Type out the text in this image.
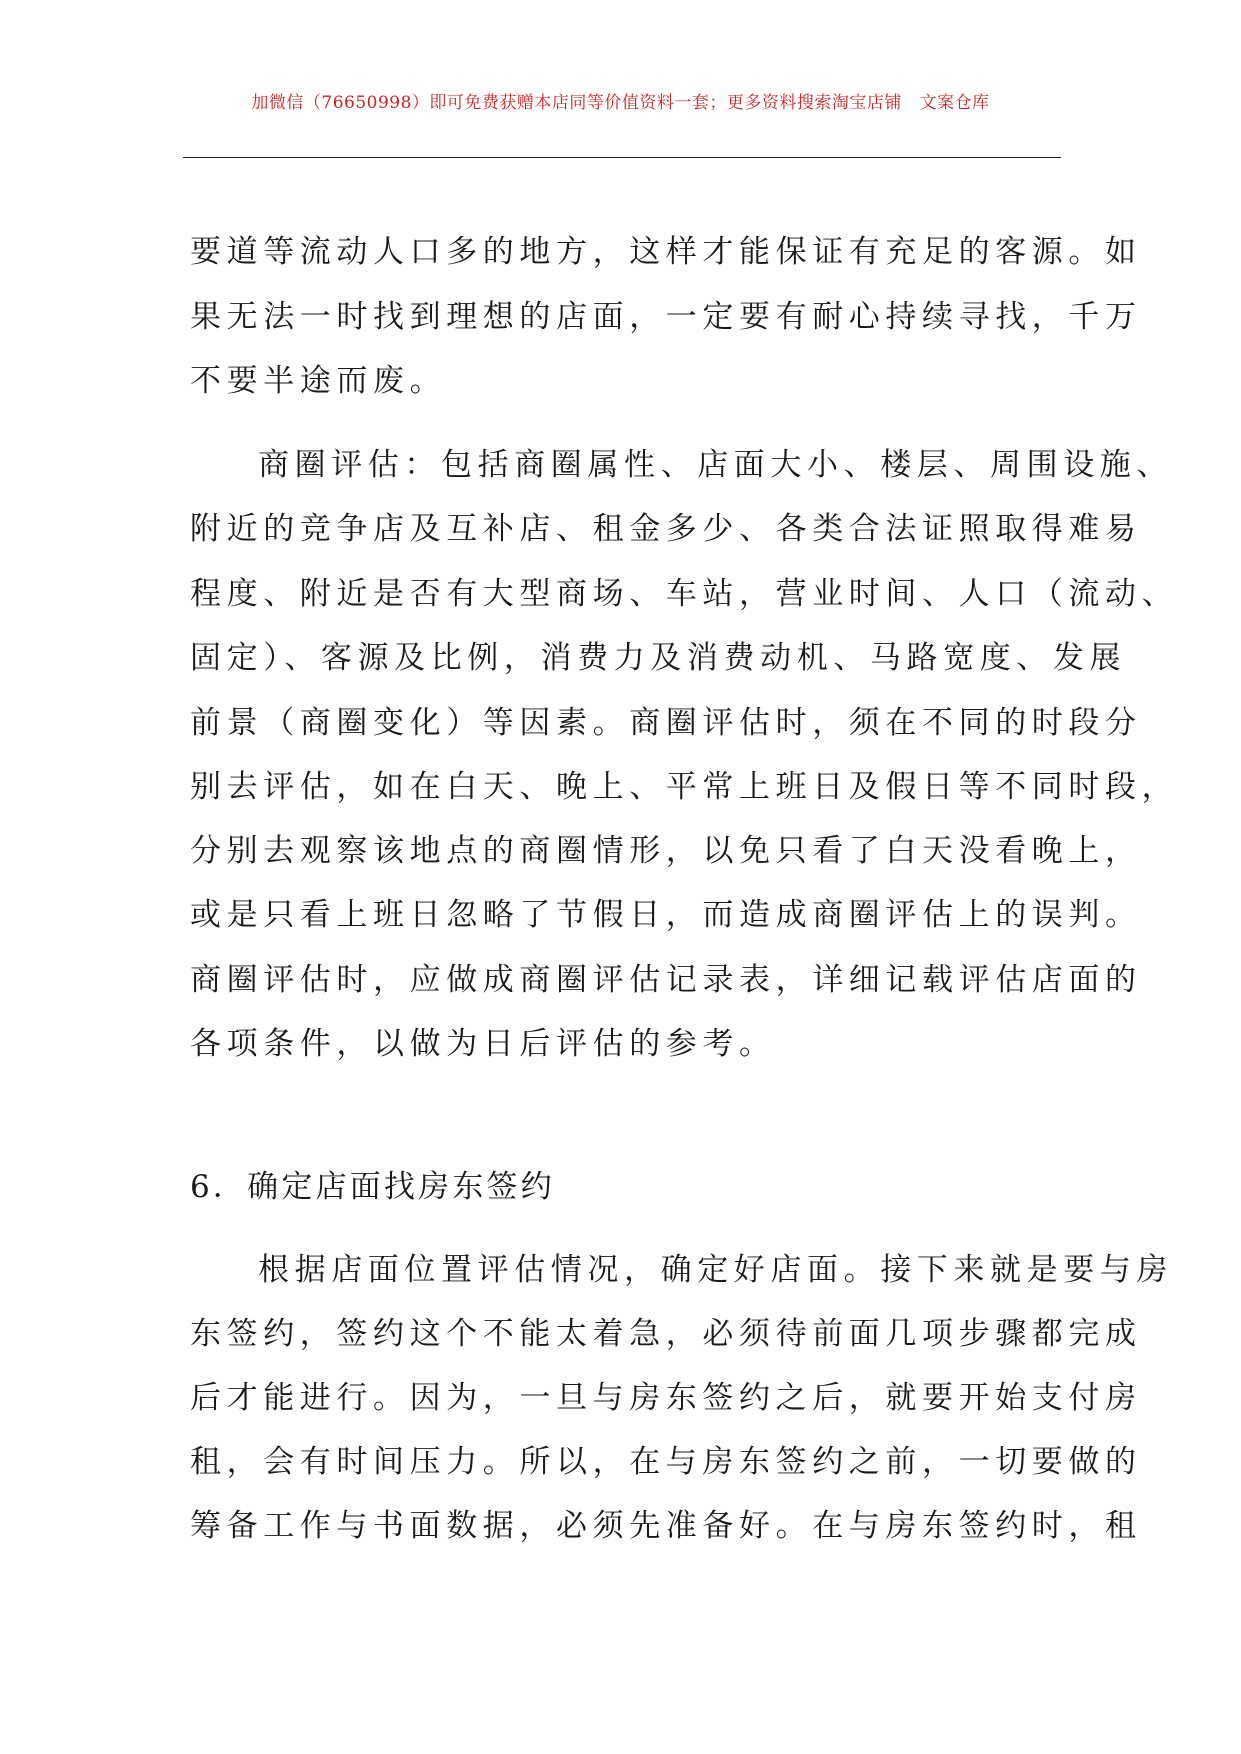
加微信（76650998）即可免费获赠本店同等价值资料一套；更多资料搜索淘宝店铺   文案仓库
要道等流动人口多的地方，这样才能保证有充足的客源。如
果无法一时找到理想的店面，一定要有耐心持续寻找，千万
不要半途而废。
商圈评估：包括商圈属性、店面大小、楼层、周围设施、
附近的竞争店及互补店、租金多少、各类合法证照取得难易
程度、附近是否有大型商场、车站，营业时间、人口（流动、
固定）、客源及比例，消费力及消费动机、马路宽度、发展
前景（商圈变化）等因素。商圈评估时，须在不同的时段分
别去评估，如在白天、晚上、平常上班日及假日等不同时段，
分别去观察该地点的商圈情形，以免只看了白天没看晚上，
或是只看上班日忽略了节假日，而造成商圈评估上的误判。
商圈评估时，应做成商圈评估记录表，详细记载评估店面的
各项条件，以做为日后评估的参考。
6．确定店面找房东签约
根据店面位置评估情况，确定好店面。接下来就是要与房
东签约，签约这个不能太着急，必须待前面几项步骤都完成
后才能进行。因为，一旦与房东签约之后，就要开始支付房
租，会有时间压力。所以，在与房东签约之前，一切要做的
筹备工作与书面数据，必须先准备好。在与房东签约时，租
